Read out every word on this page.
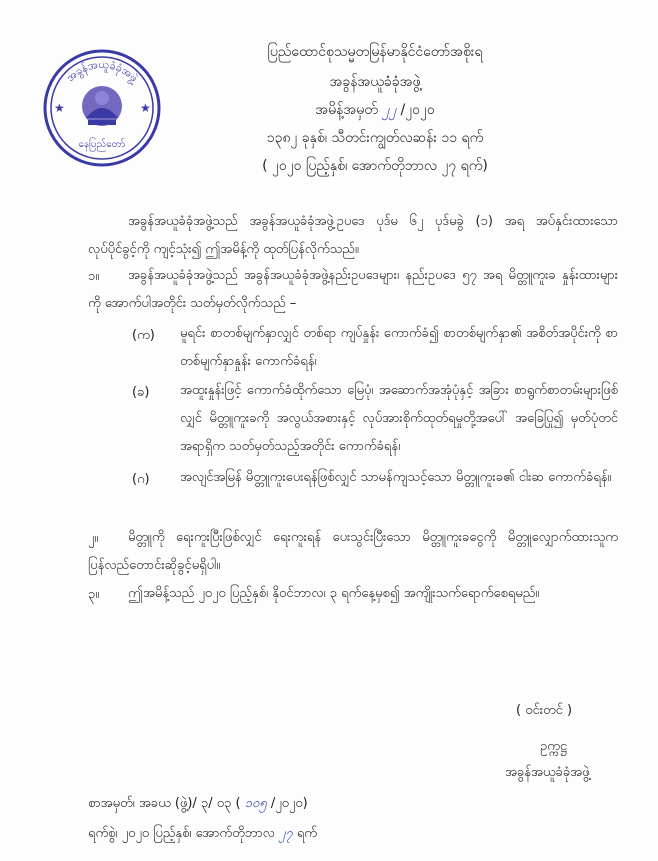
အခွန်အယူခံခုံအဖွဲ့
နေပြည်တော်
★	★
ပြည်ထောင်စုသမ္မတမြန်မာနိုင်ငံတော်အစိုးရ
အခွန်အယူခံခုံအဖွဲ့
အမိန့်အမှတ် ၂၂ /၂၀၂၀
၁၃၈၂ ခုနှစ်၊ သီတင်းကျွတ်လဆန်း ၁၁ ရက်
( ၂၀၂၀ ပြည့်နှစ်၊ အောက်တိုဘာလ ၂၇ ရက်)
အခွန်အယူခံခုံအဖွဲ့သည် အခွန်အယူခံခုံအဖွဲ့ဥပဒေ ပုဒ်မ ၆၂ ပုဒ်မခွဲ (၁) အရ အပ်နှင်းထားသော လုပ်ပိုင်ခွင့်ကို ကျင့်သုံး၍ ဤအမိန့်ကို ထုတ်ပြန်လိုက်သည်။
၁။	အခွန်အယူခံခုံအဖွဲ့သည် အခွန်အယူခံခုံအဖွဲ့နည်းဥပဒေများ၊ နည်းဥပဒေ ၅၇ အရ မိတ္တူကူးခ နှုန်းထားများကို အောက်ပါအတိုင်း သတ်မှတ်လိုက်သည် –
(က) မူရင်း စာတစ်မျက်နှာလျှင် တစ်ရာ ကျပ်နှုန်း ကောက်ခံ၍ စာတစ်မျက်နှာ၏ အစိတ်အပိုင်းကို စာတစ်မျက်နှာနှုန်း ကောက်ခံရန်၊
(ခ) အထူးနှုန်းဖြင့် ကောက်ခံထိုက်သော မြေပုံ၊ အဆောက်အအုံပုံနှင့် အခြား စာရွက်စာတမ်းများဖြစ်လျှင် မိတ္တူကူးခကို အလွယ်အစားနှင့် လုပ်အားစိုက်ထုတ်ရမှုတို့အပေါ် အခြေပြု၍ မှတ်ပုံတင်အရာရှိက သတ်မှတ်သည့်အတိုင်း ကောက်ခံရန်၊
(ဂ) အလျင်အမြန် မိတ္တူကူးပေးရန်ဖြစ်လျှင် သာမန်ကျသင့်သော မိတ္တူကူးခ၏ ငါးဆ ကောက်ခံရန်။
၂။	မိတ္တူကို ရေးကူးပြီးဖြစ်လျှင် ရေးကူးရန် ပေးသွင်းပြီးသော မိတ္တူကူးခငွေကို မိတ္တူလျှောက်ထားသူက ပြန်လည်တောင်းဆိုခွင့်မရှိပါ။
၃။	ဤအမိန့်သည် ၂၀၂၀ ပြည့်နှစ်၊ နိုဝင်ဘာလ၊ ၃ ရက်နေ့မှစ၍ အကျိုးသက်ရောက်စေရမည်။
( ဝင်းတင် )
ဥက္ကဋ္ဌ
အခွန်အယူခံခုံအဖွဲ့
စာအမှတ်၊ အခယ (ဖွဲ့)/ ၃/ ၀၃ ( ၁၀၅ /၂၀၂၀)
ရက်စွဲ၊ ၂၀၂၀ ပြည့်နှစ်၊ အောက်တိုဘာလ ၂၇ ရက်
